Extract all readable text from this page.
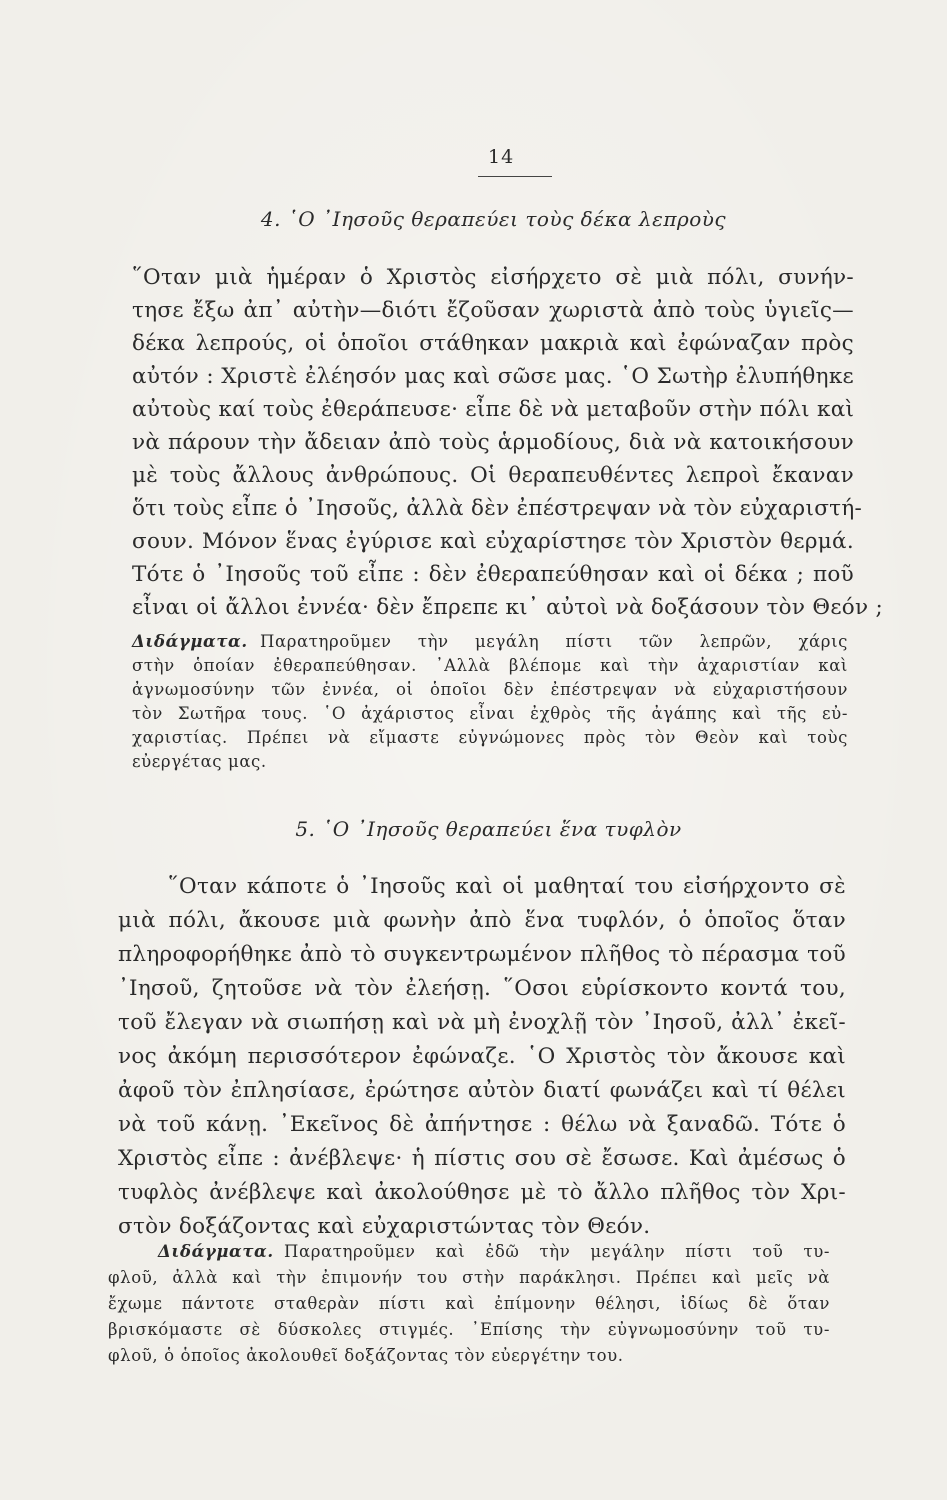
14
4. ῾Ο ᾿Ιησοῦς θεραπεύει τοὺς δέκα λεπροὺς
῞Οταν μιὰ ἡμέραν ὁ Χριστὸς εἰσήρχετο σὲ μιὰ πόλι, συνήν-
τησε ἔξω ἀπ᾿ αὐτὴν—διότι ἔζοῦσαν χωριστὰ ἀπὸ τοὺς ὑγιεῖς—
δέκα λεπρούς, οἱ ὁποῖοι στάθηκαν μακριὰ καὶ ἐφώναζαν πρὸς
αὐτόν : Χριστὲ ἐλέησόν μας καὶ σῶσε μας. ῾Ο Σωτὴρ ἐλυπήθηκε
αὐτοὺς καί τοὺς ἐθεράπευσε· εἶπε δὲ νὰ μεταβοῦν στὴν πόλι καὶ
νὰ πάρουν τὴν ἄδειαν ἀπὸ τοὺς ἁρμοδίους, διὰ νὰ κατοικήσουν
μὲ τοὺς ἄλλους ἀνθρώπους. Οἱ θεραπευθέντες λεπροὶ ἔκαναν
ὅτι τοὺς εἶπε ὁ ᾿Ιησοῦς, ἀλλὰ δὲν ἐπέστρεψαν νὰ τὸν εὐχαριστή-
σουν. Μόνον ἕνας ἐγύρισε καὶ εὐχαρίστησε τὸν Χριστὸν θερμά.
Τότε ὁ ᾿Ιησοῦς τοῦ εἶπε : δὲν ἐθεραπεύθησαν καὶ οἱ δέκα ; ποῦ
εἶναι οἱ ἄλλοι ἐννέα· δὲν ἔπρεπε κι᾿ αὐτοὶ νὰ δοξάσουν τὸν Θεόν ;
Διδάγματα. Παρατηροῦμεν τὴν μεγάλη πίστι τῶν λεπρῶν, χάρις
στὴν ὁποίαν ἐθεραπεύθησαν. ᾿Αλλὰ βλέπομε καὶ τὴν ἀχαριστίαν καὶ
ἀγνωμοσύνην τῶν ἐννέα, οἱ ὁποῖοι δὲν ἐπέστρεψαν νὰ εὐχαριστήσουν
τὸν Σωτῆρα τους. ῾Ο ἀχάριστος εἶναι ἐχθρὸς τῆς ἀγάπης καὶ τῆς εὐ-
χαριστίας. Πρέπει νὰ εἴμαστε εὐγνώμονες πρὸς τὸν Θεὸν καὶ τοὺς
εὐεργέτας μας.
5. ῾Ο ᾿Ιησοῦς θεραπεύει ἕνα τυφλὸν
῞Οταν κάποτε ὁ ᾿Ιησοῦς καὶ οἱ μαθηταί του εἰσήρχοντο σὲ
μιὰ πόλι, ἄκουσε μιὰ φωνὴν ἀπὸ ἕνα τυφλόν, ὁ ὁποῖος ὅταν
πληροφορήθηκε ἀπὸ τὸ συγκεντρωμένον πλῆθος τὸ πέρασμα τοῦ
᾿Ιησοῦ, ζητοῦσε νὰ τὸν ἐλεήσῃ. ῞Οσοι εὑρίσκοντο κοντά του,
τοῦ ἔλεγαν νὰ σιωπήσῃ καὶ νὰ μὴ ἐνοχλῇ τὸν ᾿Ιησοῦ, ἀλλ᾿ ἐκεῖ-
νος ἀκόμη περισσότερον ἐφώναζε. ῾Ο Χριστὸς τὸν ἄκουσε καὶ
ἀφοῦ τὸν ἐπλησίασε, ἐρώτησε αὐτὸν διατί φωνάζει καὶ τί θέλει
νὰ τοῦ κάνῃ. ᾿Εκεῖνος δὲ ἀπήντησε : θέλω νὰ ξαναδῶ. Τότε ὁ
Χριστὸς εἶπε : ἀνέβλεψε· ἡ πίστις σου σὲ ἔσωσε. Καὶ ἀμέσως ὁ
τυφλὸς ἀνέβλεψε καὶ ἀκολούθησε μὲ τὸ ἄλλο πλῆθος τὸν Χρι-
στὸν δοξάζοντας καὶ εὐχαριστώντας τὸν Θεόν.
Διδάγματα. Παρατηροῦμεν καὶ ἐδῶ τὴν μεγάλην πίστι τοῦ τυ-
φλοῦ, ἀλλὰ καὶ τὴν ἐπιμονήν του στὴν παράκλησι. Πρέπει καὶ μεῖς νὰ
ἔχωμε πάντοτε σταθερὰν πίστι καὶ ἐπίμονην θέλησι, ἰδίως δὲ ὅταν
βρισκόμαστε σὲ δύσκολες στιγμές. ᾿Επίσης τὴν εὐγνωμοσύνην τοῦ τυ-
φλοῦ, ὁ ὁποῖος ἀκολουθεῖ δοξάζοντας τὸν εὐεργέτην του.
